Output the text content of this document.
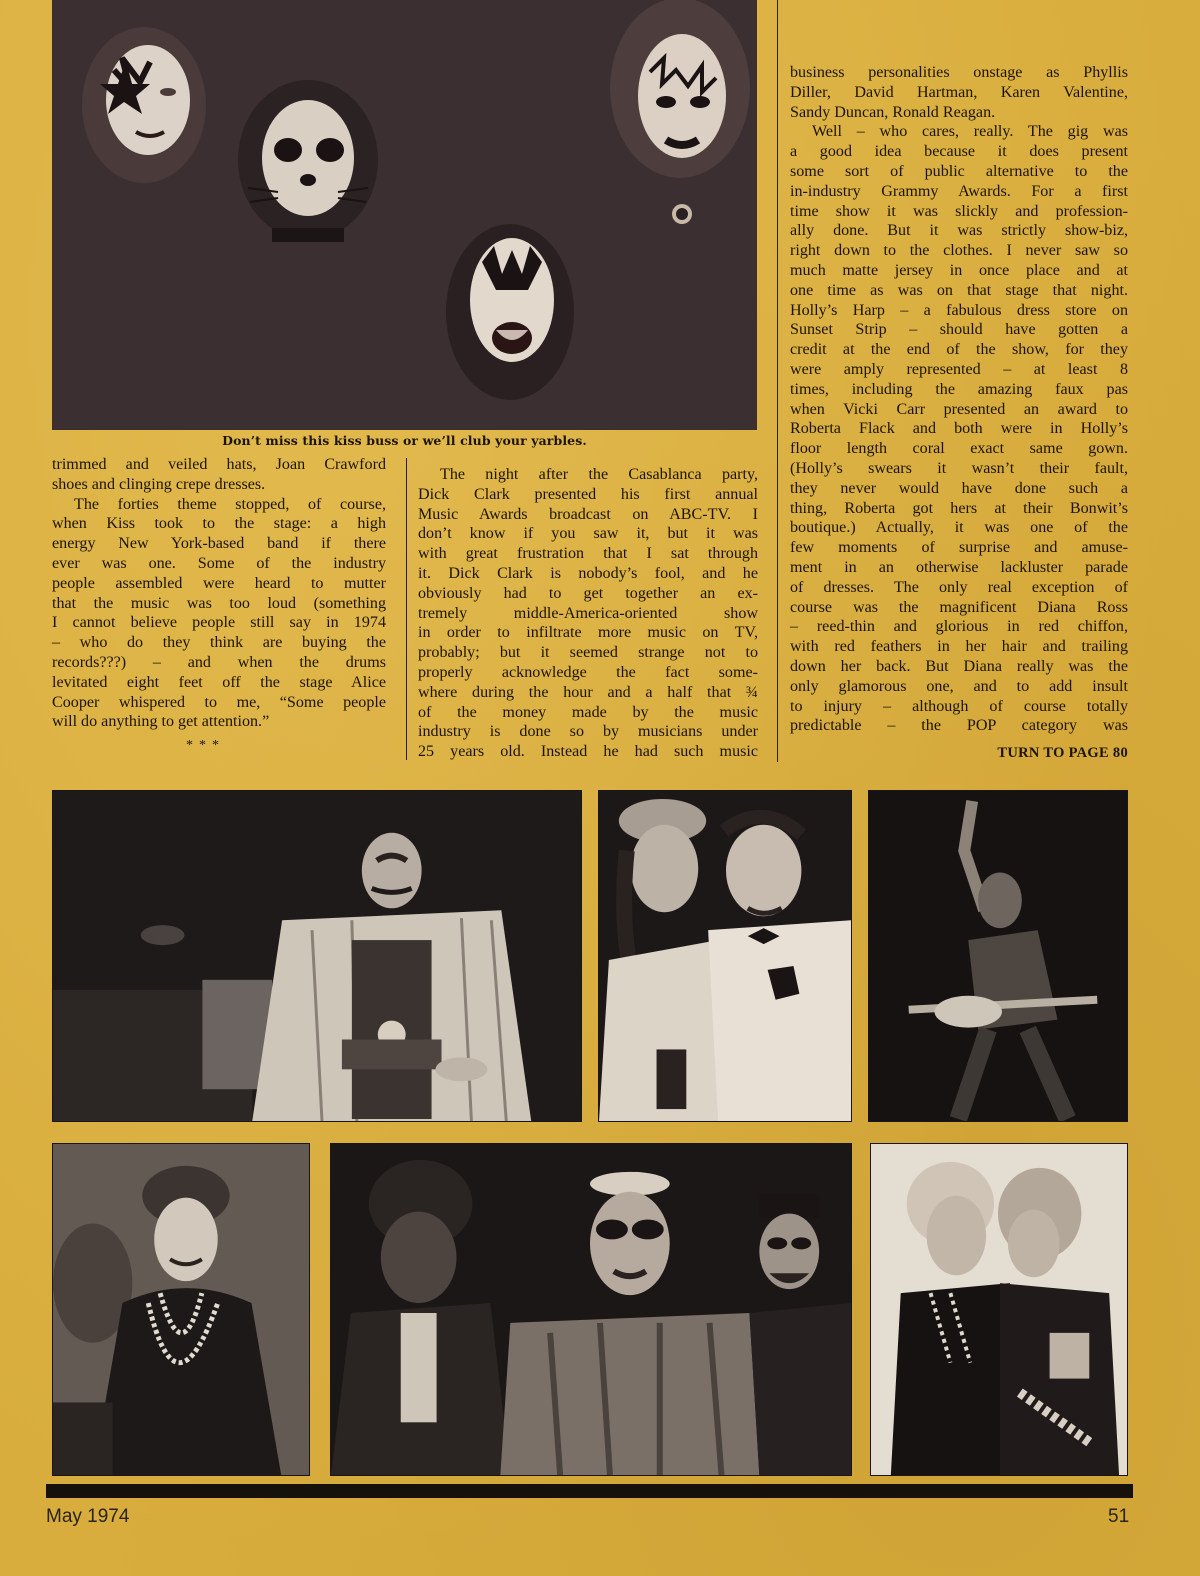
Don’t miss this kiss buss or we’ll club your yarbles.
trimmed and veiled hats, Joan Crawford
shoes and clinging crepe dresses.
The forties theme stopped, of course,
when Kiss took to the stage: a high
energy New York-based band if there
ever was one. Some of the industry
people assembled were heard to mutter
that the music was too loud (something
I cannot believe people still say in 1974
– who do they think are buying the
records???) – and when the drums
levitated eight feet off the stage Alice
Cooper whispered to me, “Some people
will do anything to get attention.”
***
The night after the Casablanca party,
Dick Clark presented his first annual
Music Awards broadcast on ABC-TV. I
don’t know if you saw it, but it was
with great frustration that I sat through
it. Dick Clark is nobody’s fool, and he
obviously had to get together an ex-
tremely middle-America-oriented show
in order to infiltrate more music on TV,
probably; but it seemed strange not to
properly acknowledge the fact some-
where during the hour and a half that ¾
of the money made by the music
industry is done so by musicians under
25 years old. Instead he had such music
business personalities onstage as Phyllis
Diller, David Hartman, Karen Valentine,
Sandy Duncan, Ronald Reagan.
Well – who cares, really. The gig was
a good idea because it does present
some sort of public alternative to the
in-industry Grammy Awards. For a first
time show it was slickly and profession-
ally done. But it was strictly show-biz,
right down to the clothes. I never saw so
much matte jersey in once place and at
one time as was on that stage that night.
Holly’s Harp – a fabulous dress store on
Sunset Strip – should have gotten a
credit at the end of the show, for they
were amply represented – at least 8
times, including the amazing faux pas
when Vicki Carr presented an award to
Roberta Flack and both were in Holly’s
floor length coral exact same gown.
(Holly’s swears it wasn’t their fault,
they never would have done such a
thing, Roberta got hers at their Bonwit’s
boutique.) Actually, it was one of the
few moments of surprise and amuse-
ment in an otherwise lackluster parade
of dresses. The only real exception of
course was the magnificent Diana Ross
– reed-thin and glorious in red chiffon,
with red feathers in her hair and trailing
down her back. But Diana really was the
only glamorous one, and to add insult
to injury – although of course totally
predictable – the POP category was
TURN TO PAGE 80
May 1974	51
